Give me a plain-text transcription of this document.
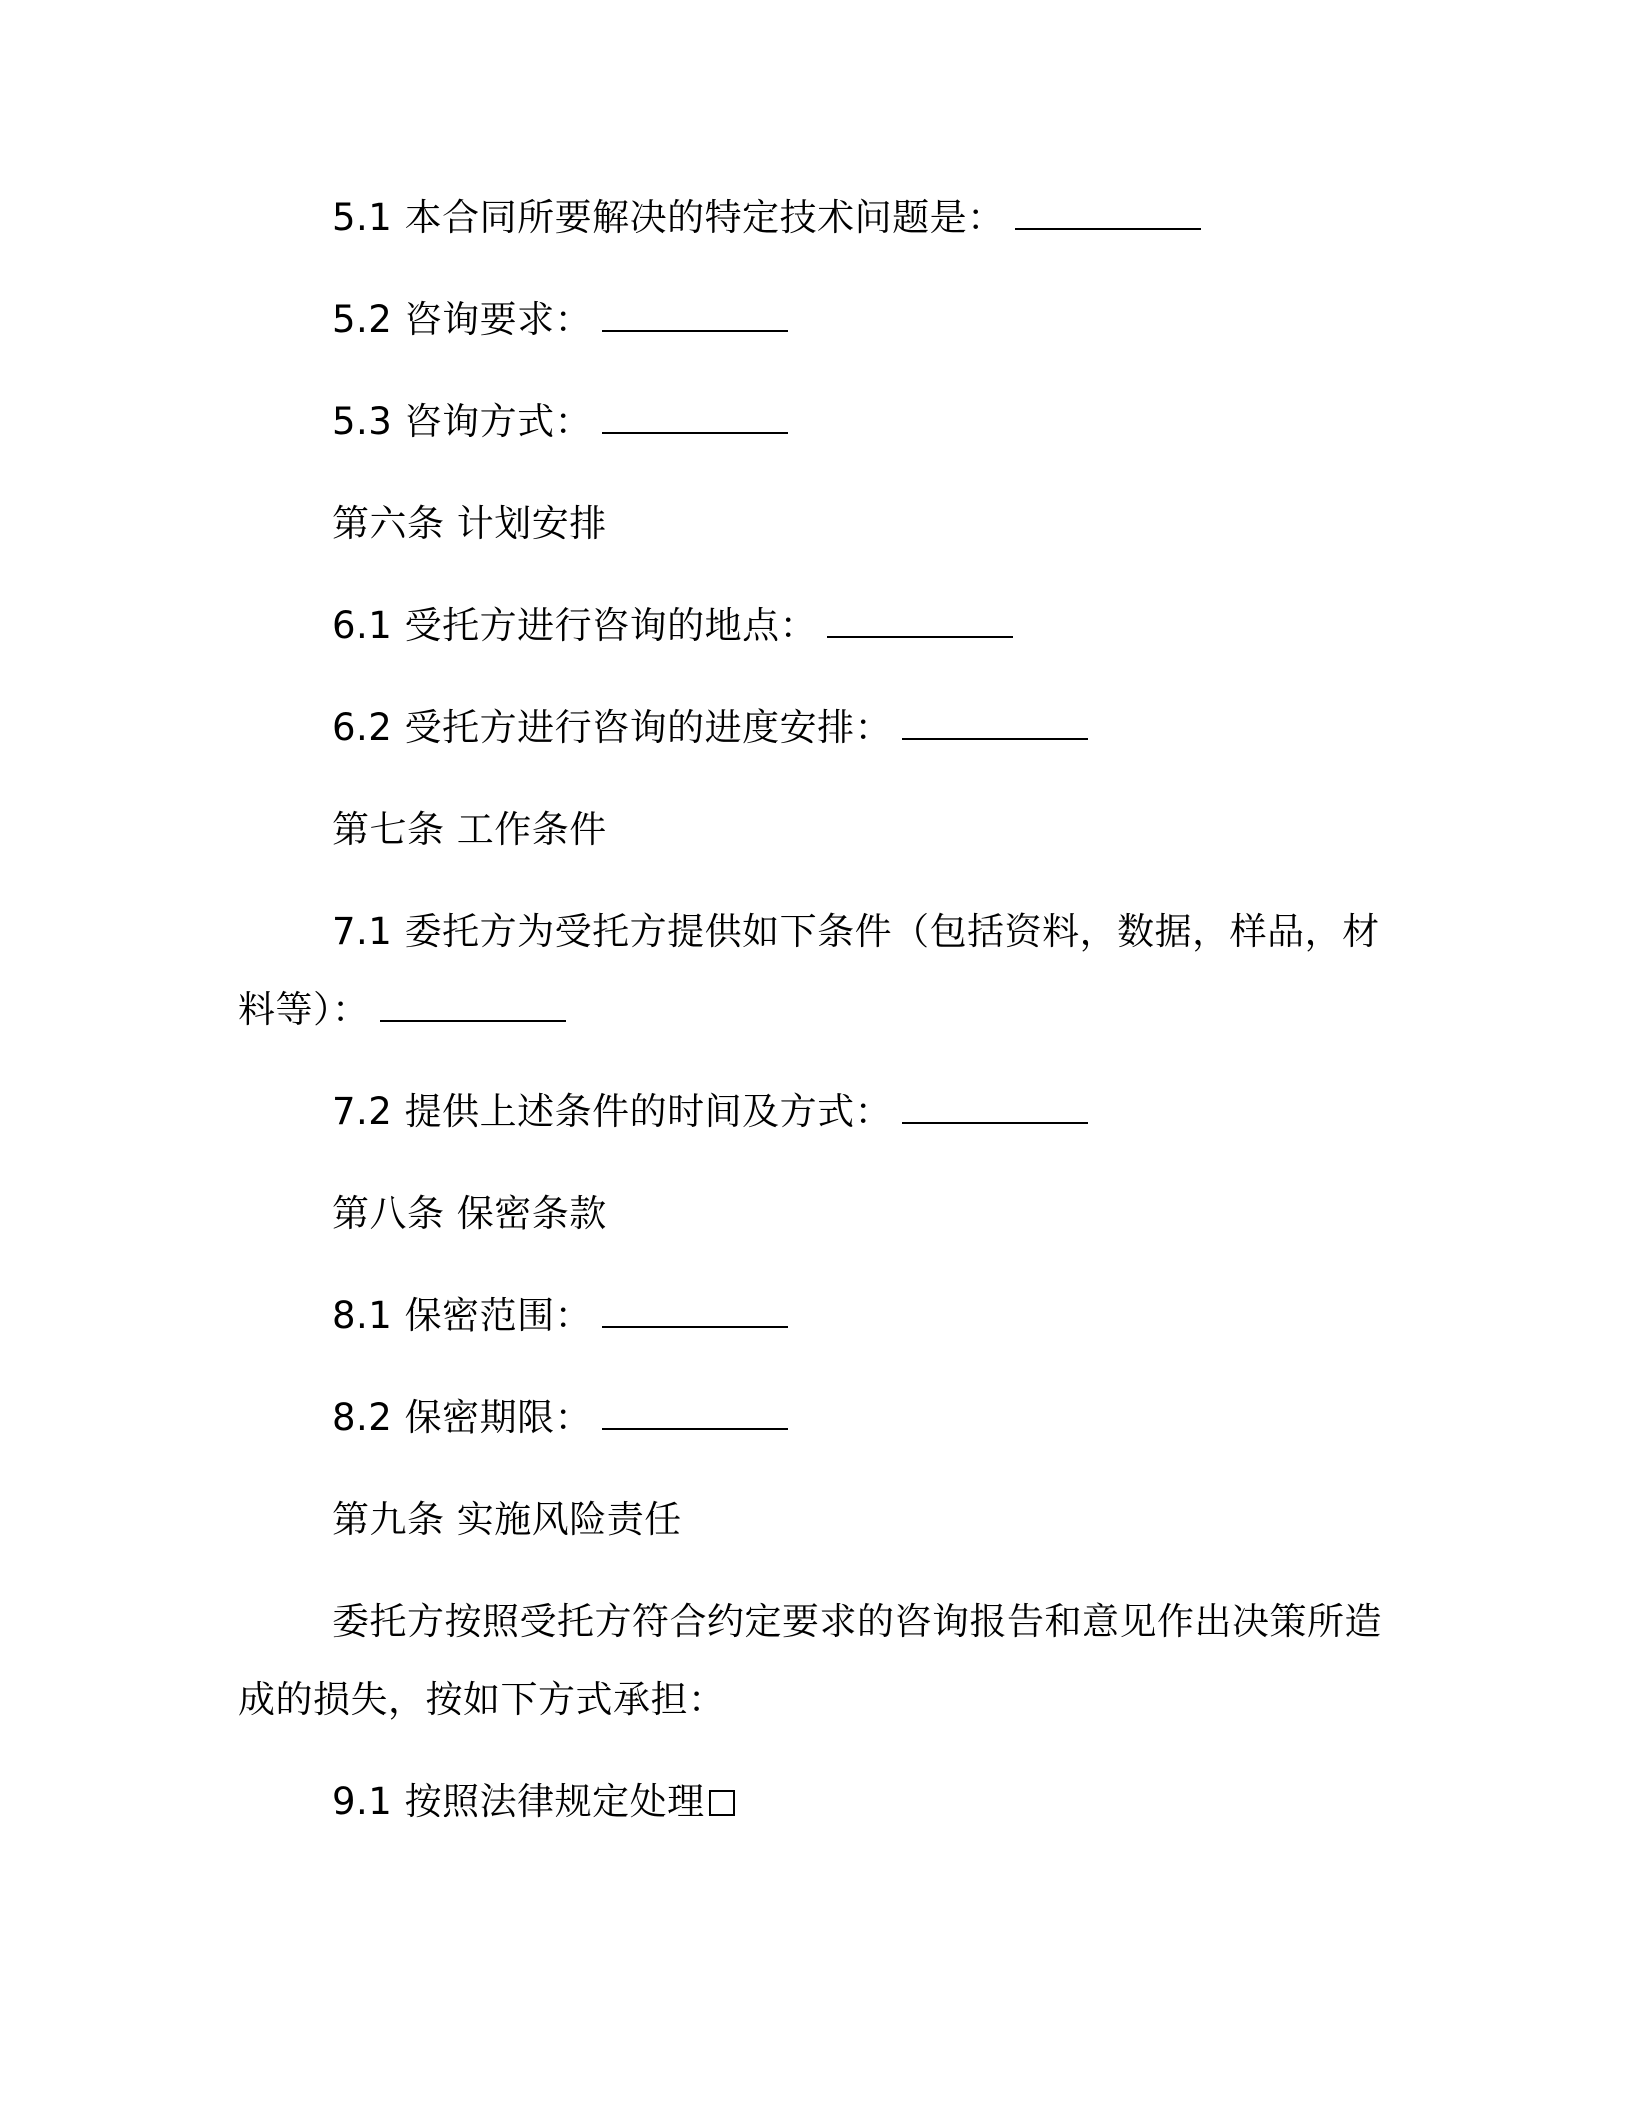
5.1 本合同所要解决的特定技术问题是：
5.2 咨询要求：
5.3 咨询方式：
第六条 计划安排
6.1 受托方进行咨询的地点：
6.2 受托方进行咨询的进度安排：
第七条 工作条件
7.1 委托方为受托方提供如下条件（包括资料，数据，样品，材
料等）：
7.2 提供上述条件的时间及方式：
第八条 保密条款
8.1 保密范围：
8.2 保密期限：
第九条 实施风险责任
委托方按照受托方符合约定要求的咨询报告和意见作出决策所造
成的损失，按如下方式承担：
9.1 按照法律规定处理
